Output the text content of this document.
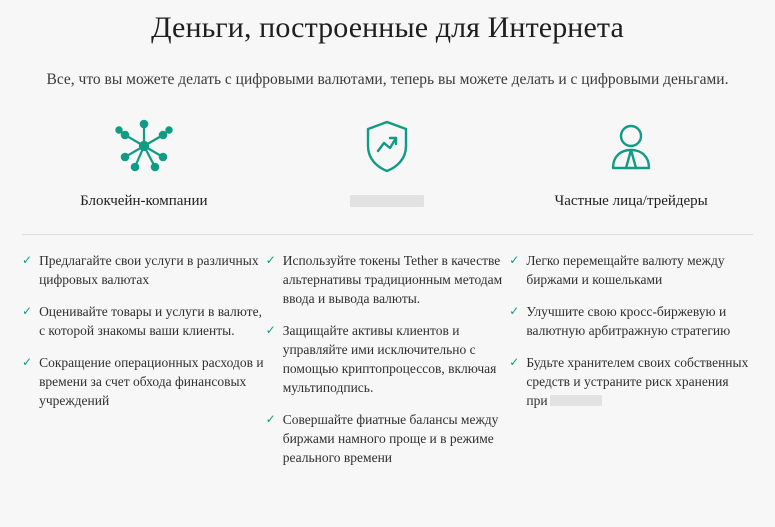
Деньги, построенные для Интернета

Все, что вы можете делать с цифровыми валютами, теперь вы можете делать и с цифровыми деньгами.

Блокчейн-компании	Частные лица/трейдеры
✓ Предлагайте свои услуги в различных цифровых валютах
✓ Оценивайте товары и услуги в валюте, с которой знакомы ваши клиенты.
✓ Сокращение операционных расходов и времени за счет обхода финансовых учреждений
✓ Используйте токены Tether в качестве альтернативы традиционным методам ввода и вывода валюты.
✓ Защищайте активы клиентов и управляйте ими исключительно с помощью криптопроцессов, включая мультиподпись.
✓ Совершайте фиатные балансы между биржами намного проще и в режиме реального времени
✓ Легко перемещайте валюту между биржами и кошельками
✓ Улучшите свою кросс-биржевую и валютную арбитражную стратегию
✓ Будьте хранителем своих собственных средств и устраните риск хранения при
